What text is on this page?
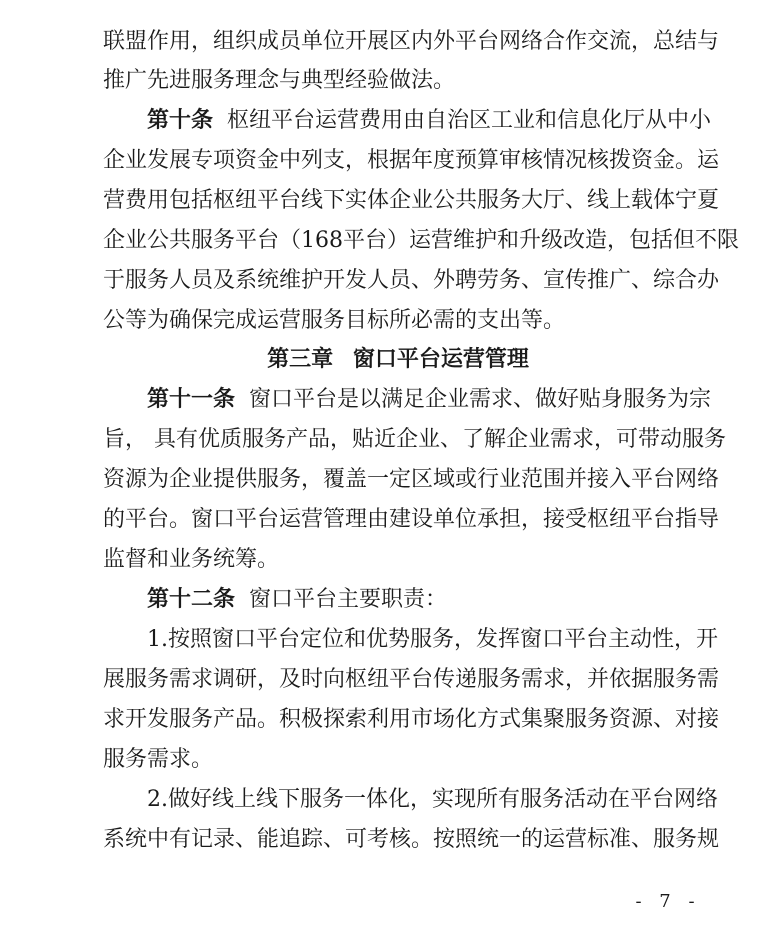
联盟作用，组织成员单位开展区内外平台网络合作交流，总结与
推广先进服务理念与典型经验做法。
第十条 枢纽平台运营费用由自治区工业和信息化厅从中小
企业发展专项资金中列支，根据年度预算审核情况核拨资金。运
营费用包括枢纽平台线下实体企业公共服务大厅、线上载体宁夏
企业公共服务平台（168平台）运营维护和升级改造，包括但不限
于服务人员及系统维护开发人员、外聘劳务、宣传推广、综合办
公等为确保完成运营服务目标所必需的支出等。
第三章 窗口平台运营管理
第十一条 窗口平台是以满足企业需求、做好贴身服务为宗
旨， 具有优质服务产品，贴近企业、了解企业需求，可带动服务
资源为企业提供服务，覆盖一定区域或行业范围并接入平台网络
的平台。窗口平台运营管理由建设单位承担，接受枢纽平台指导
监督和业务统筹。
第十二条 窗口平台主要职责：
1.按照窗口平台定位和优势服务，发挥窗口平台主动性，开
展服务需求调研，及时向枢纽平台传递服务需求，并依据服务需
求开发服务产品。积极探索利用市场化方式集聚服务资源、对接
服务需求。
2.做好线上线下服务一体化，实现所有服务活动在平台网络
系统中有记录、能追踪、可考核。按照统一的运营标准、服务规
- 7 -
